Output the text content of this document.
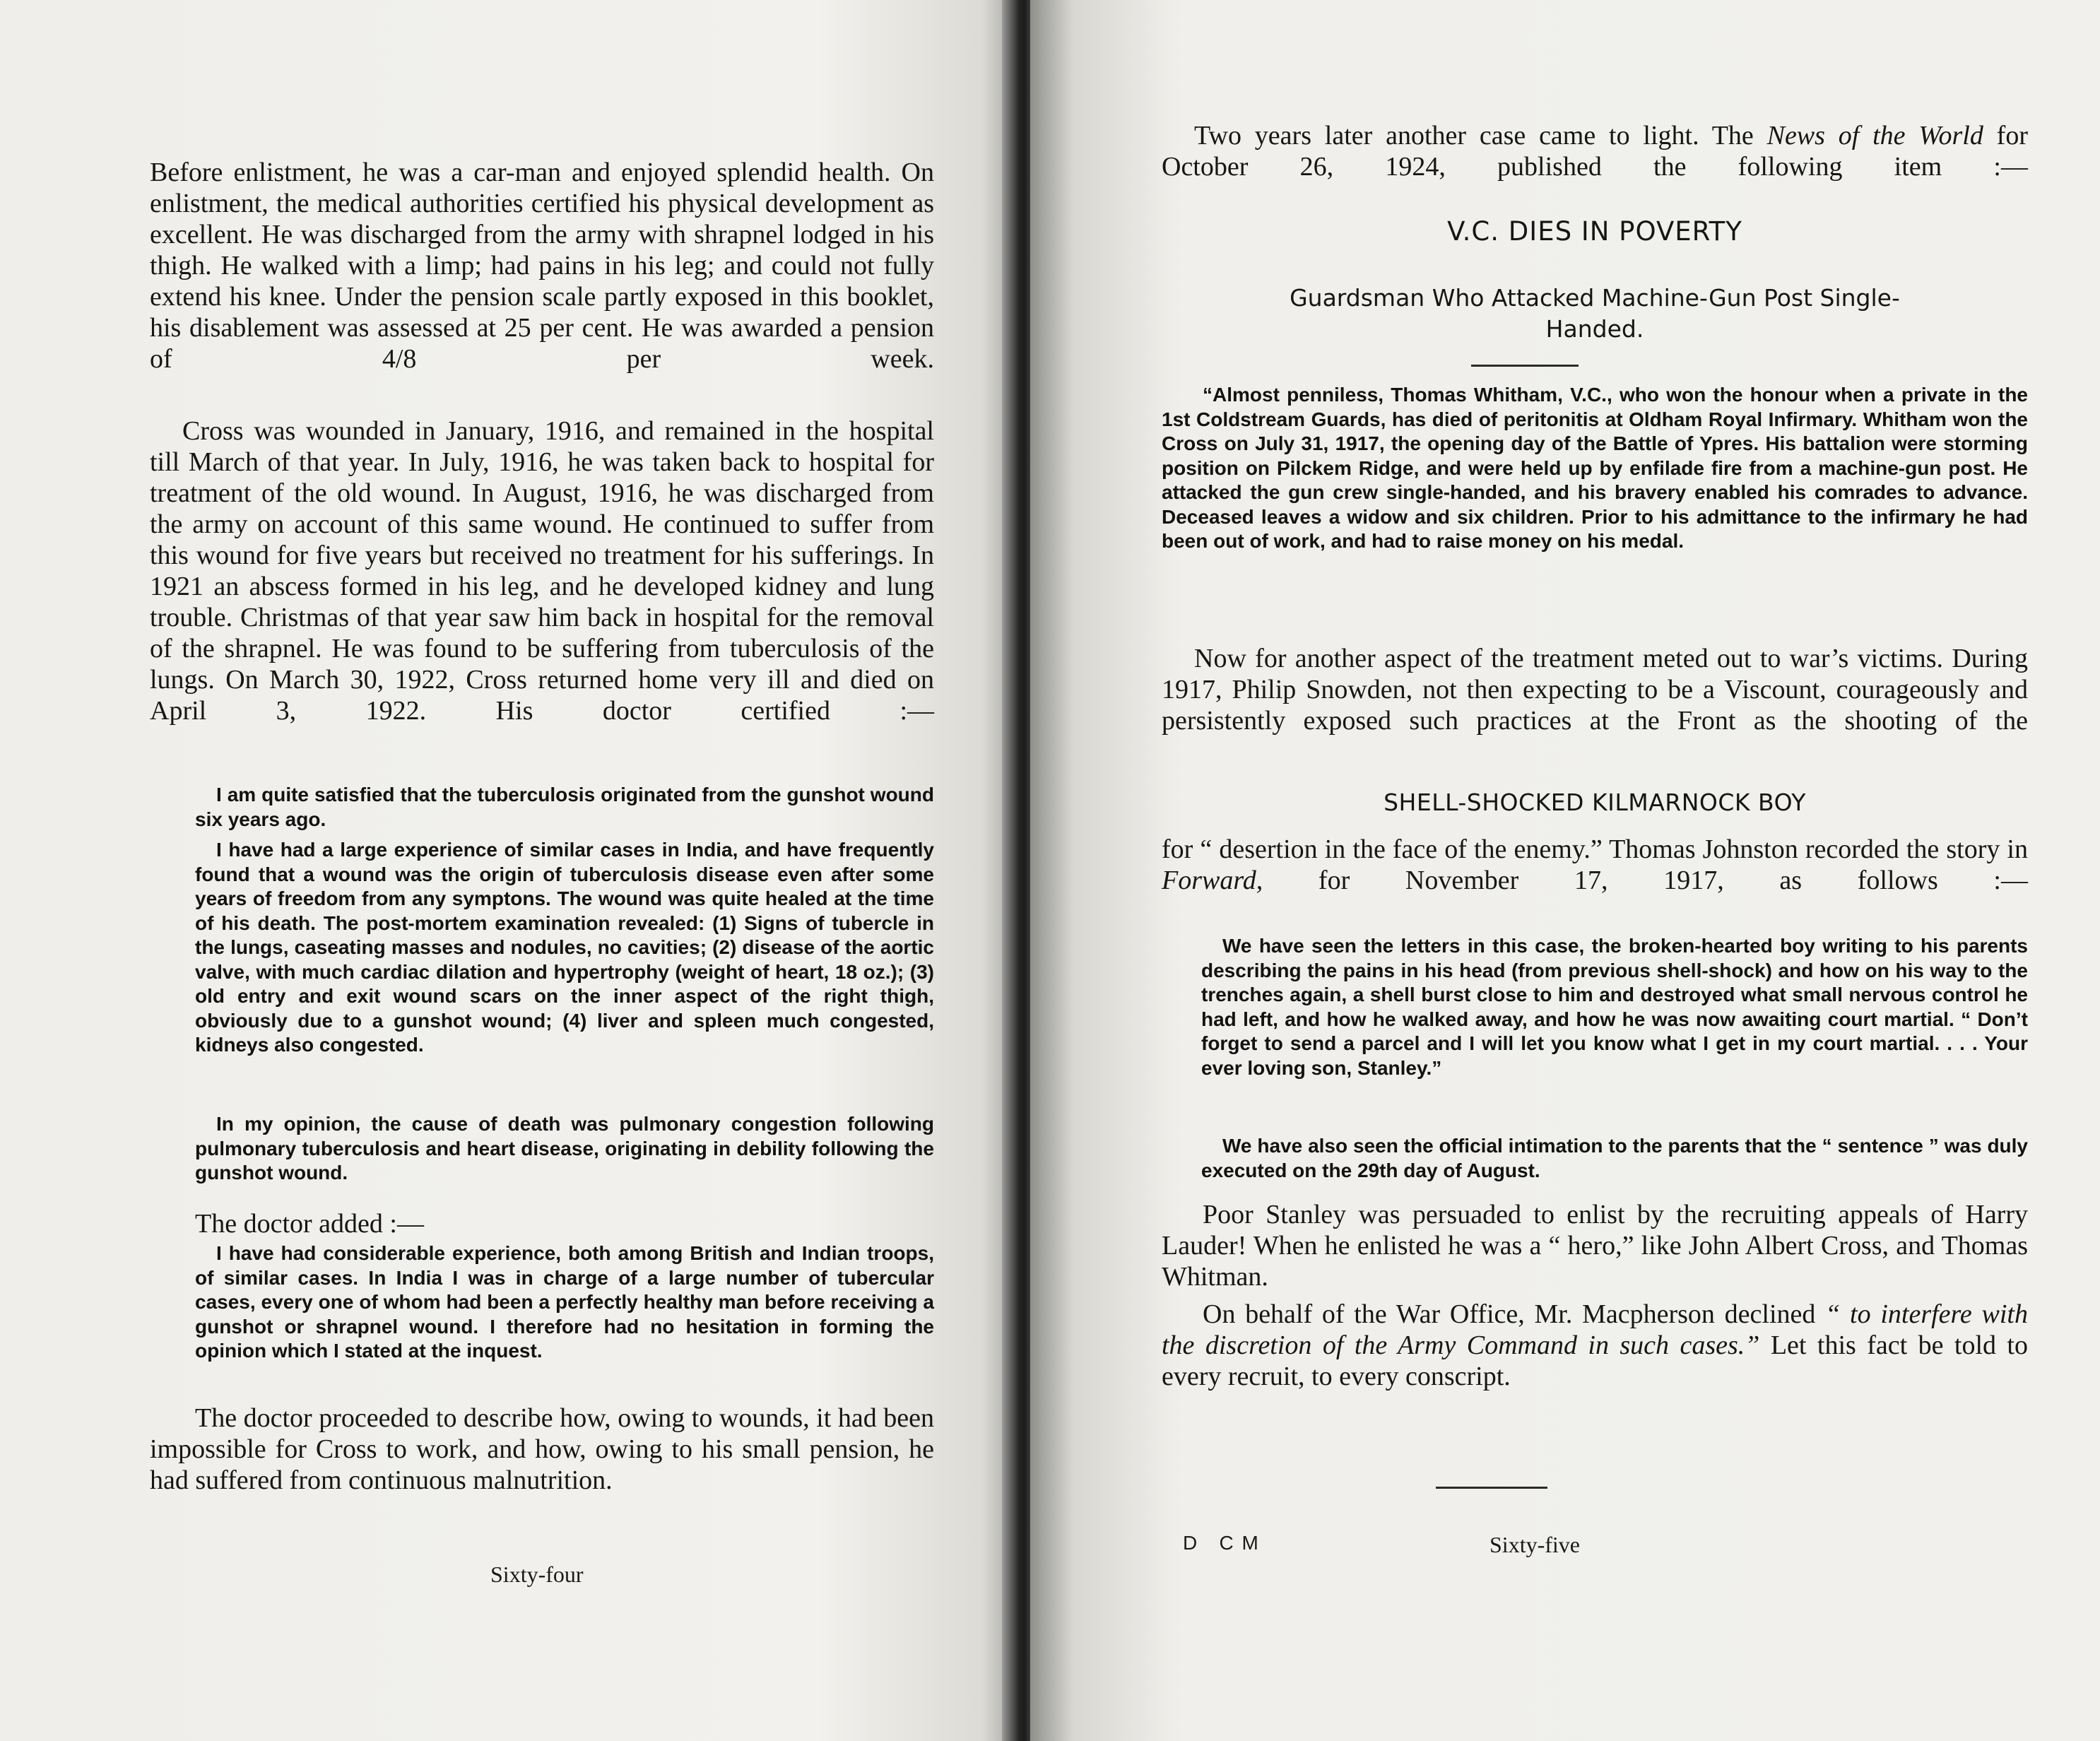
Before enlistment, he was a car-man and enjoyed splendid health. On enlistment, the medical authorities certified his physical development as excellent. He was discharged from the army with shrapnel lodged in his thigh. He walked with a limp; had pains in his leg; and could not fully extend his knee. Under the pension scale partly exposed in this booklet, his disablement was assessed at 25 per cent. He was awarded a pension of 4/8 per week.

Cross was wounded in January, 1916, and remained in the hospital till March of that year. In July, 1916, he was taken back to hospital for treatment of the old wound. In August, 1916, he was discharged from the army on account of this same wound. He continued to suffer from this wound for five years but received no treatment for his sufferings. In 1921 an abscess formed in his leg, and he developed kidney and lung trouble. Christmas of that year saw him back in hospital for the removal of the shrapnel. He was found to be suffering from tuberculosis of the lungs. On March 30, 1922, Cross returned home very ill and died on April 3, 1922. His doctor certified :—

I am quite satisfied that the tuberculosis originated from the gunshot wound six years ago.

I have had a large experience of similar cases in India, and have frequently found that a wound was the origin of tuberculosis disease even after some years of freedom from any symptons. The wound was quite healed at the time of his death. The post-mortem examination revealed: (1) Signs of tubercle in the lungs, caseating masses and nodules, no cavities; (2) disease of the aortic valve, with much cardiac dilation and hypertrophy (weight of heart, 18 oz.); (3) old entry and exit wound scars on the inner aspect of the right thigh, obviously due to a gunshot wound; (4) liver and spleen much congested, kidneys also congested.

In my opinion, the cause of death was pulmonary congestion following pulmonary tuberculosis and heart disease, originating in debility following the gunshot wound.

The doctor added :—

I have had considerable experience, both among British and Indian troops, of similar cases. In India I was in charge of a large number of tubercular cases, every one of whom had been a perfectly healthy man before receiving a gunshot or shrapnel wound. I therefore had no hesitation in forming the opinion which I stated at the inquest.

The doctor proceeded to describe how, owing to wounds, it had been impossible for Cross to work, and how, owing to his small pension, he had suffered from continuous malnutrition.

Sixty-four

Two years later another case came to light. The News of the World for October 26, 1924, published the following item :—

V.C. DIES IN POVERTY

Guardsman Who Attacked Machine-Gun Post Single-Handed.

“Almost penniless, Thomas Whitham, V.C., who won the honour when a private in the 1st Coldstream Guards, has died of peritonitis at Oldham Royal Infirmary. Whitham won the Cross on July 31, 1917, the opening day of the Battle of Ypres. His battalion were storming position on Pilckem Ridge, and were held up by enfilade fire from a machine-gun post. He attacked the gun crew single-handed, and his bravery enabled his comrades to advance. Deceased leaves a widow and six children. Prior to his admittance to the infirmary he had been out of work, and had to raise money on his medal.

Now for another aspect of the treatment meted out to war’s victims. During 1917, Philip Snowden, not then expecting to be a Viscount, courageously and persistently exposed such practices at the Front as the shooting of the

SHELL-SHOCKED KILMARNOCK BOY

for “ desertion in the face of the enemy.” Thomas Johnston recorded the story in Forward, for November 17, 1917, as follows :—

We have seen the letters in this case, the broken-hearted boy writing to his parents describing the pains in his head (from previous shell-shock) and how on his way to the trenches again, a shell burst close to him and destroyed what small nervous control he had left, and how he walked away, and how he was now awaiting court martial. “ Don’t forget to send a parcel and I will let you know what I get in my court martial. . . . Your ever loving son, Stanley.”

We have also seen the official intimation to the parents that the “ sentence ” was duly executed on the 29th day of August.

Poor Stanley was persuaded to enlist by the recruiting appeals of Harry Lauder! When he enlisted he was a “ hero,” like John Albert Cross, and Thomas Whitman.

On behalf of the War Office, Mr. Macpherson declined “ to interfere with the discretion of the Army Command in such cases.” Let this fact be told to every recruit, to every conscript.

D   C M	Sixty-five
